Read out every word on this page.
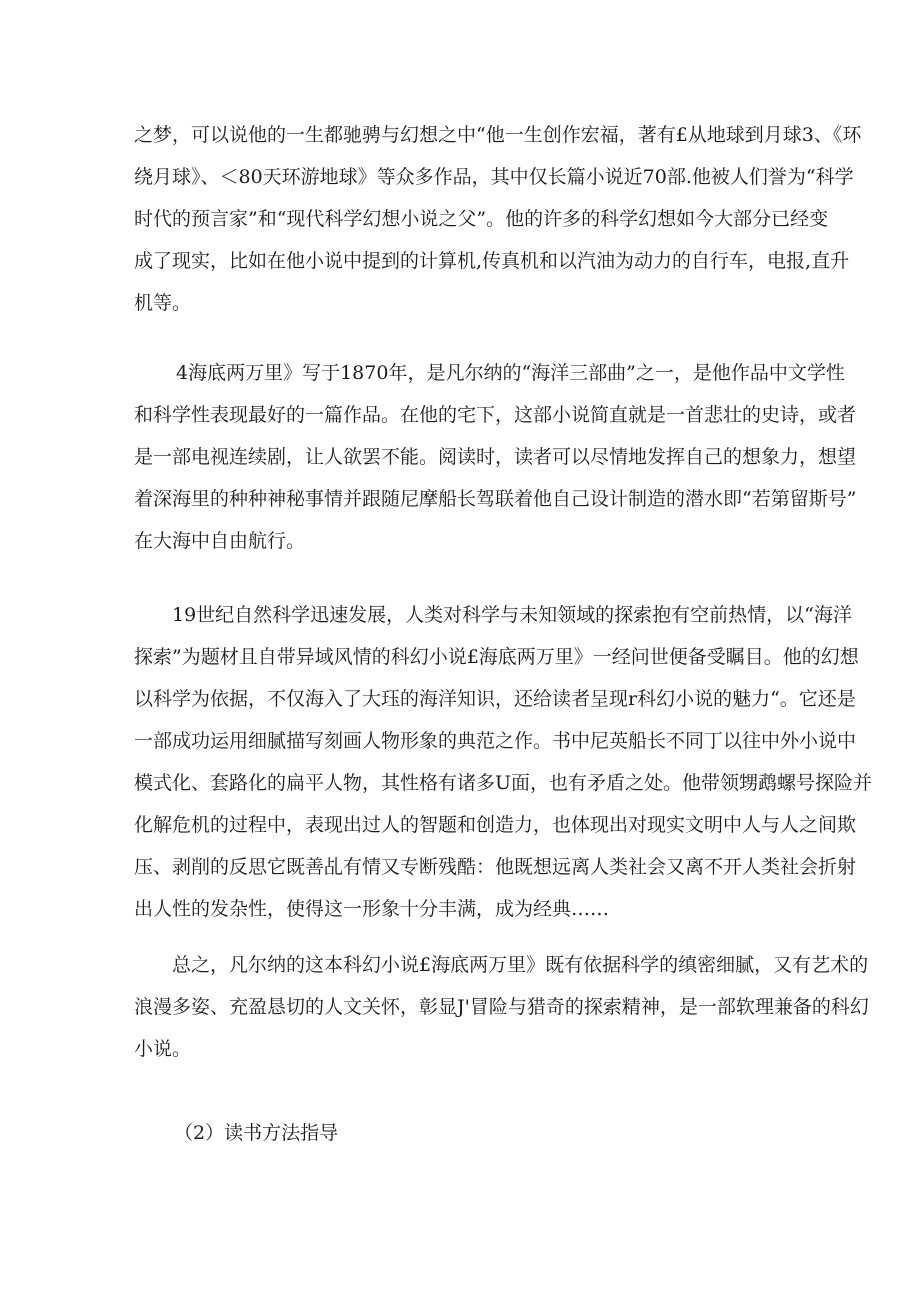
之梦，可以说他的一生都驰骋与幻想之中“他一生创作宏福，著有£从地球到月球3、《环
绕月球》、＜80天环游地球》等众多作品，其中仅长篇小说近70部.他被人们誉为“科学
时代的预言家”和“现代科学幻想小说之父”。他的许多的科学幻想如今大部分已经变
成了现实，比如在他小说中提到的计算机,传真机和以汽油为动力的自行车，电报,直升
机等。
4海底两万里》写于1870年，是凡尔纳的“海洋三部曲”之一，是他作品中文学性
和科学性表现最好的一篇作品。在他的宅下，这部小说简直就是一首悲壮的史诗，或者
是一部电视连续剧，让人欲罢不能。阅读时，读者可以尽情地发挥自己的想象力，想望
着深海里的种种神秘事情并跟随尼摩船长驾联着他自己设计制造的潜水即“若第留斯号”
在大海中自由航行。
19世纪自然科学迅速发展，人类对科学与未知领域的探索抱有空前热情，以“海洋
探索”为题材且自带异域风情的科幻小说£海底两万里》一经问世便备受瞩目。他的幻想
以科学为依据，不仅海入了大珏的海洋知识，还给读者呈现r科幻小说的魅力“。它还是
一部成功运用细腻描写刻画人物形象的典范之作。书中尼英船长不同丁以往中外小说中
模式化、套路化的扁平人物，其性格有诸多U面，也有矛盾之处。他带领甥鹉螺号探险并
化解危机的过程中，表现出过人的智题和创造力，也体现出对现实文明中人与人之间欺
压、剥削的反思它既善乩有情又专断残酷：他既想远离人类社会又离不开人类社会折射
出人性的发杂性，使得这一形象十分丰满，成为经典……
总之，凡尔纳的这本科幻小说£海底两万里》既有依据科学的缜密细腻，又有艺术的
浪漫多姿、充盈恳切的人文关怀，彰显J'冒险与猎奇的探索精神，是一部软理兼备的科幻
小说。
（2）读书方法指导
